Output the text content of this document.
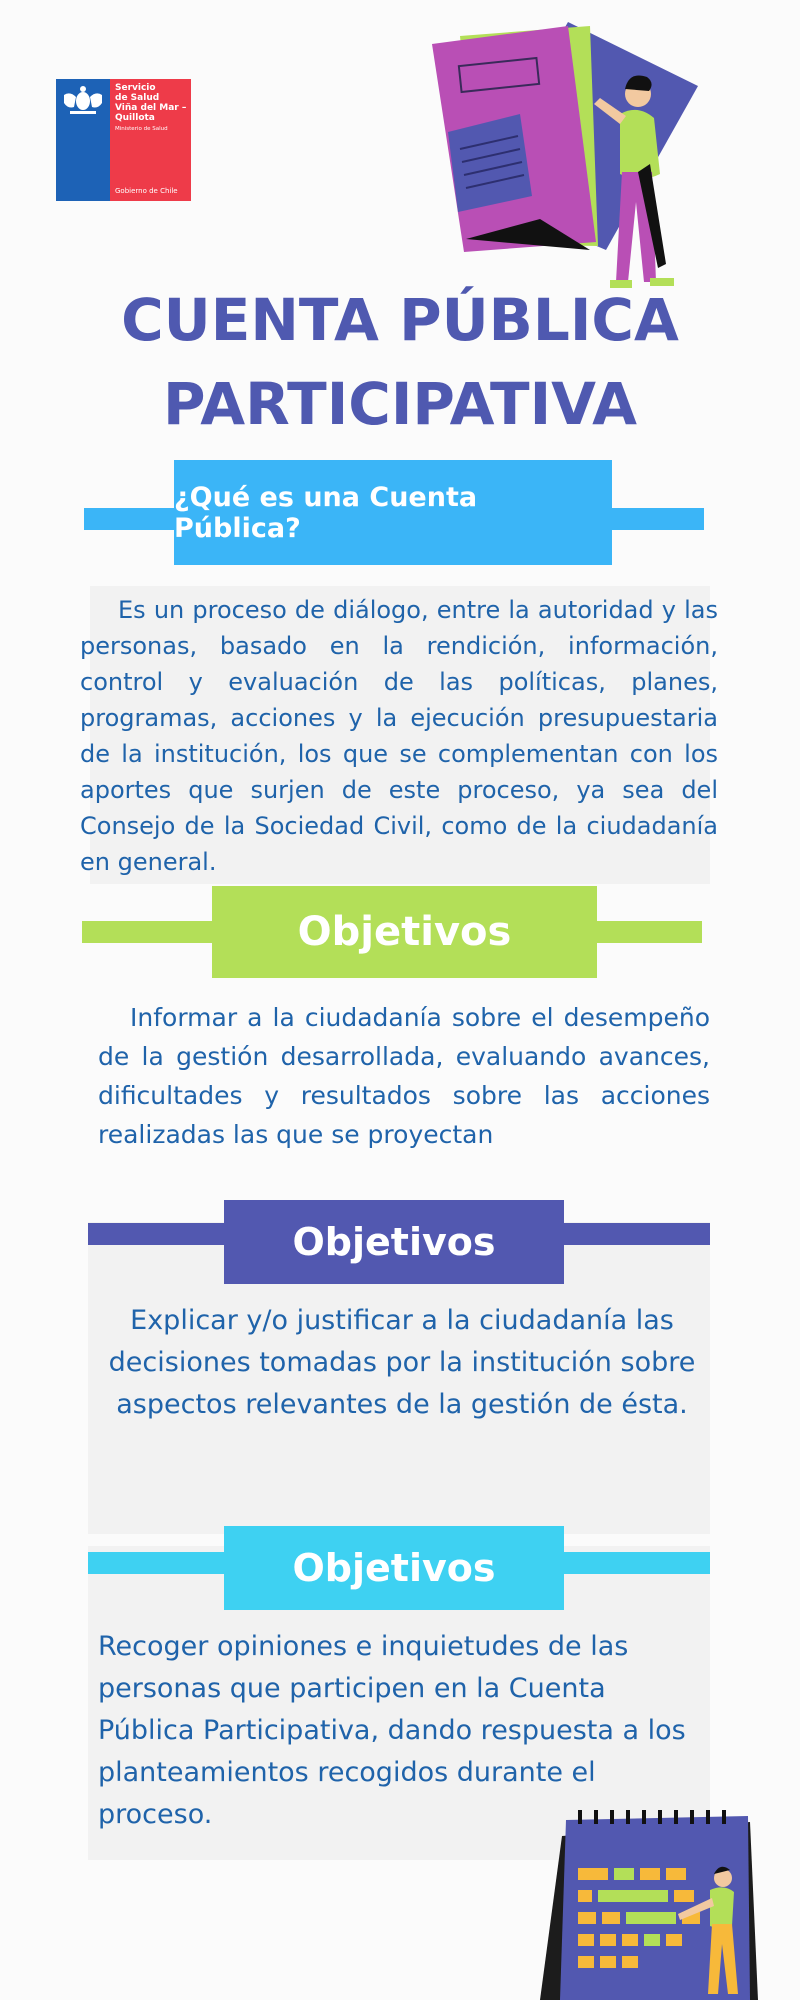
Servicio
de Salud
Viña del Mar –
Quillota
Ministerio de Salud
Gobierno de Chile
CUENTA PÚBLICA
PARTICIPATIVA
¿Qué es una Cuenta Pública?
Es un proceso de diálogo, entre la autoridad y las personas, basado en la rendición, información, control y evaluación de las políticas, planes, programas, acciones y la ejecución presupuestaria de la institución, los que se complementan con los aportes que surjen de este proceso, ya sea del Consejo de la Sociedad Civil, como de la ciudadanía en general.
Objetivos
Informar a la ciudadanía sobre el desempeño de la gestión desarrollada, evaluando avances, dificultades y resultados sobre las acciones realizadas las que se proyectan
Objetivos
Explicar y/o justificar a la ciudadanía las decisiones tomadas por la institución sobre aspectos relevantes de la gestión de ésta.
Objetivos
Recoger opiniones e inquietudes de las personas que participen en la Cuenta Pública Participativa, dando respuesta a los planteamientos recogidos durante el proceso.
